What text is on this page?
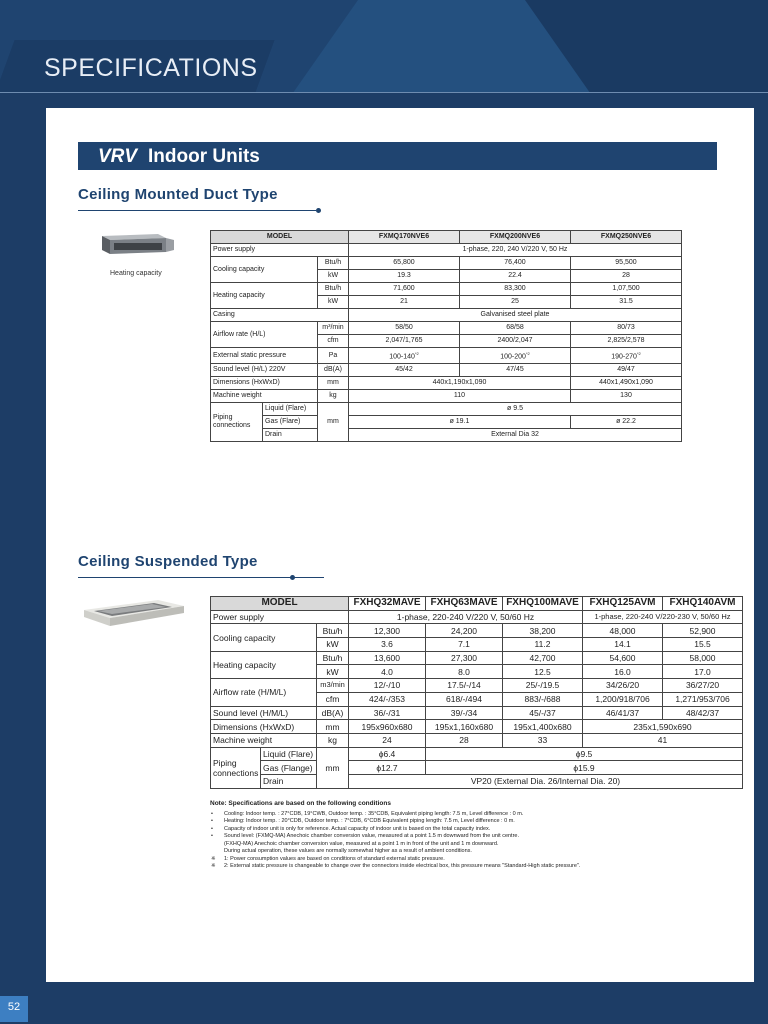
SPECIFICATIONS
VRV Indoor Units
Ceiling Mounted Duct Type
Heating capacity
MODEL			FXMQ170NVE6	FXMQ200NVE6	FXMQ250NVE6
Power supply			1-phase, 220, 240 V/220 V, 50 Hz		
Cooling capacity		Btu/h	65,800	76,400	95,500
		kW	19.3	22.4	28
Heating capacity		Btu/h	71,600	83,300	1,07,500
		kW	21	25	31.5
Casing			Galvanised steel plate		
Airflow rate (H/L)		m³/min	58/50	68/58	80/73
		cfm	2,047/1,765	2400/2,047	2,825/2,578
External static pressure		Pa	100-140$^{*2}$	100-200$^{*2}$	190-270$^{*2}$
Sound level (H/L) 220V		dB(A)	45/42	47/45	49/47
Dimensions (HxWxD)		mm	440x1,190x1,090		440x1,490x1,090
Machine weight		kg	110		130
Piping
connections	Liquid (Flare)	mm	ø 9.5		
	Gas (Flare)		ø 19.1		ø 22.2
	Drain		External Dia 32		
Ceiling Suspended Type
MODEL			FXHQ32MAVE	FXHQ63MAVE	FXHQ100MAVE	FXHQ125AVM	FXHQ140AVM
Power supply			1-phase, 220-240 V/220 V, 50/60 Hz			1-phase, 220-240 V/220-230 V, 50/60 Hz	
Cooling capacity		Btu/h	12,300	24,200	38,200	48,000	52,900
		kW	3.6	7.1	11.2	14.1	15.5
Heating capacity		Btu/h	13,600	27,300	42,700	54,600	58,000
		kW	4.0	8.0	12.5	16.0	17.0
Airflow rate (H/M/L)		m3/min	12/-/10	17.5/-/14	25/-/19.5	34/26/20	36/27/20
		cfm	424/-/353	618/-/494	883/-/688	1,200/918/706	1,271/953/706
Sound level (H/M/L)		dB(A)	36/-/31	39/-/34	45/-/37	46/41/37	48/42/37
Dimensions (HxWxD)		mm	195x960x680	195x1,160x680	195x1,400x680	235x1,590x690	
Machine weight		kg	24	28	33	41	
Piping
connections	Liquid (Flare)	mm	ϕ6.4	ϕ9.5			
	Gas (Flange)		ϕ12.7	ϕ15.9			
	Drain		VP20 (External Dia. 26/Internal Dia. 20)				
Note: Specifications are based on the following conditions
• Cooling: Indoor temp. : 27°CDB, 19°CWB, Outdoor temp. : 35°CDB, Equivalent piping length: 7.5 m, Level difference : 0 m.
• Heating: Indoor temp. : 20°CDB, Outdoor temp. : 7°CDB, 6°CDB Equivalent piping length: 7.5 m, Level difference : 0 m.
• Capacity of indoor unit is only for reference. Actual capacity of indoor unit is based on the total capacity index.
• Sound level: (FXMQ-MA) Anechoic chamber conversion value, measured at a point 1.5 m downward from the unit centre.
(FXHQ-MA) Anechoic chamber conversion value, measured at a point 1 m in front of the unit and 1 m downward.
During actual operation, these values are normally somewhat higher as a result of ambient conditions.
※ 1: Power consumption values are based on conditions of standard external static pressure.
※ 2: External static pressure is changeable to change over the connectors inside electrical box, this pressure means "Standard-High static pressure".
52
